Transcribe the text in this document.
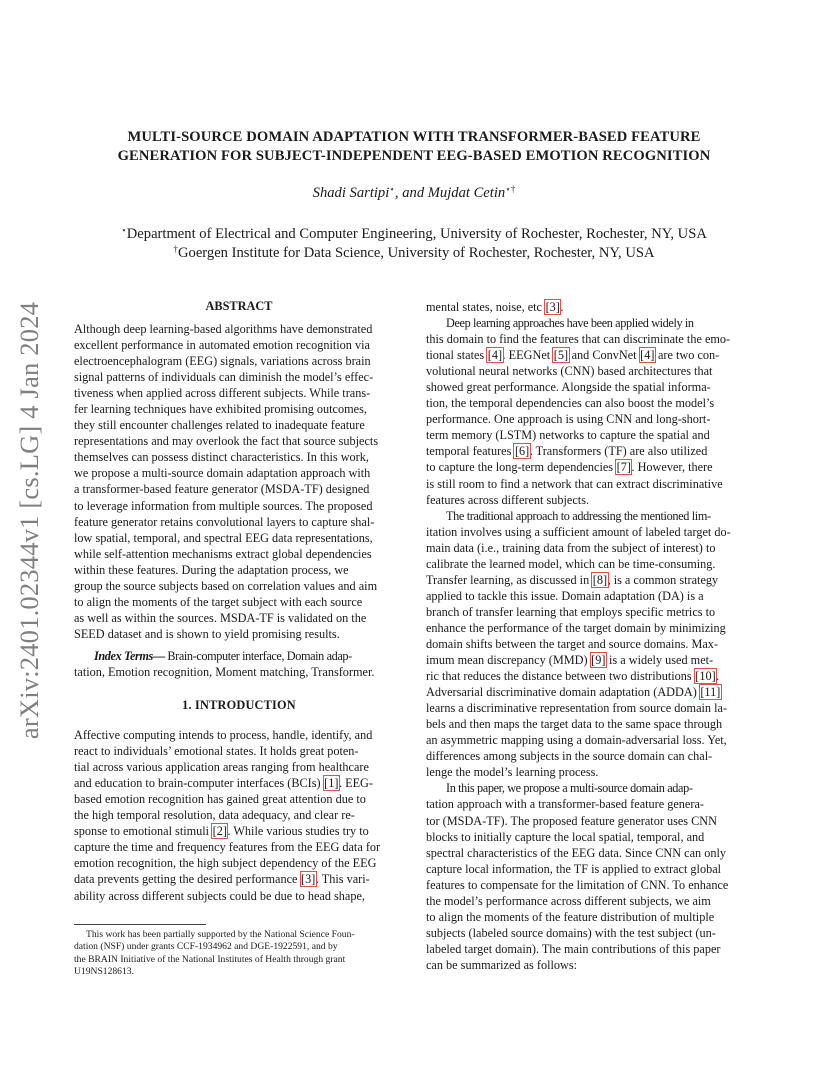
arXiv:2401.02344v1 [cs.LG] 4 Jan 2024
MULTI-SOURCE DOMAIN ADAPTATION WITH TRANSFORMER-BASED FEATURE
GENERATION FOR SUBJECT-INDEPENDENT EEG-BASED EMOTION RECOGNITION
Shadi Sartipi⋆, and Mujdat Cetin⋆†
⋆Department of Electrical and Computer Engineering, University of Rochester, Rochester, NY, USA
†Goergen Institute for Data Science, University of Rochester, Rochester, NY, USA
ABSTRACT

Although deep learning-based algorithms have demonstrated
excellent performance in automated emotion recognition via
electroencephalogram (EEG) signals, variations across brain
signal patterns of individuals can diminish the model’s effec-
tiveness when applied across different subjects. While trans-
fer learning techniques have exhibited promising outcomes,
they still encounter challenges related to inadequate feature
representations and may overlook the fact that source subjects
themselves can possess distinct characteristics. In this work,
we propose a multi-source domain adaptation approach with
a transformer-based feature generator (MSDA-TF) designed
to leverage information from multiple sources. The proposed
feature generator retains convolutional layers to capture shal-
low spatial, temporal, and spectral EEG data representations,
while self-attention mechanisms extract global dependencies
within these features. During the adaptation process, we
group the source subjects based on correlation values and aim
to align the moments of the target subject with each source
as well as within the sources. MSDA-TF is validated on the
SEED dataset and is shown to yield promising results.

Index Terms— Brain-computer interface, Domain adap-
tation, Emotion recognition, Moment matching, Transformer.

1. INTRODUCTION

Affective computing intends to process, handle, identify, and
react to individuals’ emotional states. It holds great poten-
tial across various application areas ranging from healthcare
and education to brain-computer interfaces (BCIs) [1]. EEG-
based emotion recognition has gained great attention due to
the high temporal resolution, data adequacy, and clear re-
sponse to emotional stimuli [2]. While various studies try to
capture the time and frequency features from the EEG data for
emotion recognition, the high subject dependency of the EEG
data prevents getting the desired performance [3]. This vari-
ability across different subjects could be due to head shape,

This work has been partially supported by the National Science Foun-
dation (NSF) under grants CCF-1934962 and DGE-1922591, and by
the BRAIN Initiative of the National Institutes of Health through grant
U19NS128613.

mental states, noise, etc [3].

Deep learning approaches have been applied widely in
this domain to find the features that can discriminate the emo-
tional states [4]. EEGNet [5] and ConvNet [4] are two con-
volutional neural networks (CNN) based architectures that
showed great performance. Alongside the spatial informa-
tion, the temporal dependencies can also boost the model’s
performance. One approach is using CNN and long-short-
term memory (LSTM) networks to capture the spatial and
temporal features [6]. Transformers (TF) are also utilized
to capture the long-term dependencies [7]. However, there
is still room to find a network that can extract discriminative
features across different subjects.

The traditional approach to addressing the mentioned lim-
itation involves using a sufficient amount of labeled target do-
main data (i.e., training data from the subject of interest) to
calibrate the learned model, which can be time-consuming.
Transfer learning, as discussed in [8], is a common strategy
applied to tackle this issue. Domain adaptation (DA) is a
branch of transfer learning that employs specific metrics to
enhance the performance of the target domain by minimizing
domain shifts between the target and source domains. Max-
imum mean discrepancy (MMD) [9] is a widely used met-
ric that reduces the distance between two distributions [10].
Adversarial discriminative domain adaptation (ADDA) [11]
learns a discriminative representation from source domain la-
bels and then maps the target data to the same space through
an asymmetric mapping using a domain-adversarial loss. Yet,
differences among subjects in the source domain can chal-
lenge the model’s learning process.

In this paper, we propose a multi-source domain adap-
tation approach with a transformer-based feature genera-
tor (MSDA-TF). The proposed feature generator uses CNN
blocks to initially capture the local spatial, temporal, and
spectral characteristics of the EEG data. Since CNN can only
capture local information, the TF is applied to extract global
features to compensate for the limitation of CNN. To enhance
the model’s performance across different subjects, we aim
to align the moments of the feature distribution of multiple
subjects (labeled source domains) with the test subject (un-
labeled target domain). The main contributions of this paper
can be summarized as follows:
